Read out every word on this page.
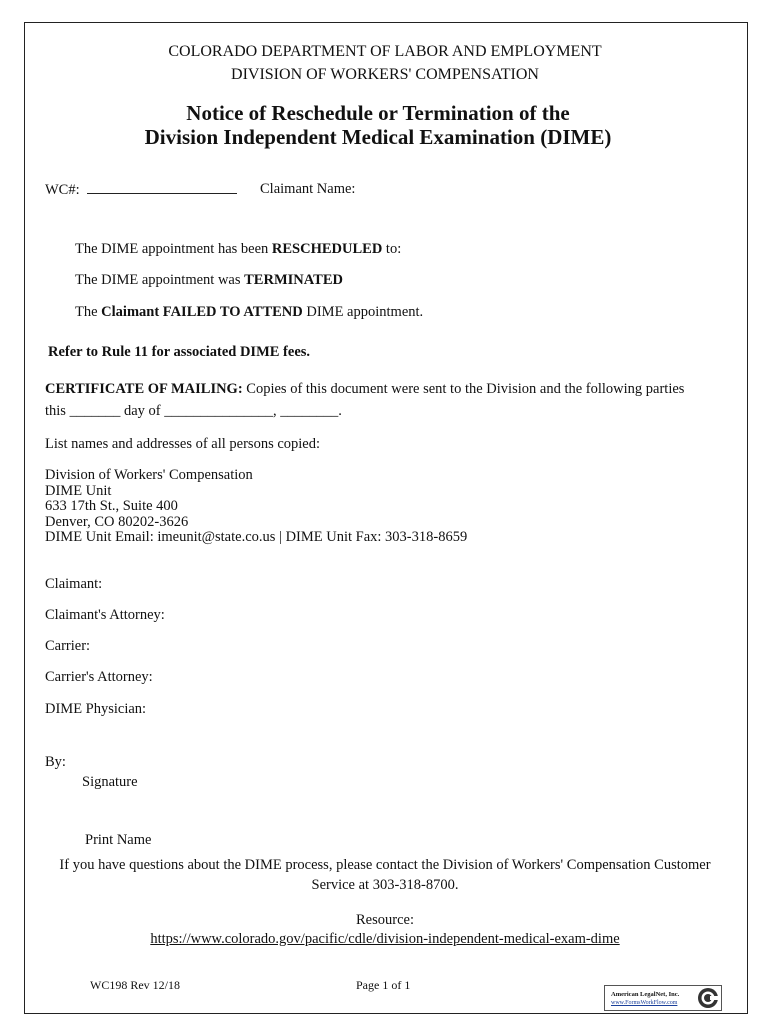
COLORADO DEPARTMENT OF LABOR AND EMPLOYMENT
DIVISION OF WORKERS' COMPENSATION
Notice of Reschedule or Termination of the
Division Independent Medical Examination (DIME)
WC#:	Claimant Name:
The DIME appointment has been RESCHEDULED to:
The DIME appointment was TERMINATED
The Claimant FAILED TO ATTEND DIME appointment.
Refer to Rule 11 for associated DIME fees.
CERTIFICATE OF MAILING: Copies of this document were sent to the Division and the following parties
this _______ day of _______________, ________.
List names and addresses of all persons copied:
Division of Workers' Compensation
DIME Unit
633 17th St., Suite 400
Denver, CO 80202-3626
DIME Unit Email: imeunit@state.co.us | DIME Unit Fax: 303-318-8659
Claimant:
Claimant's Attorney:
Carrier:
Carrier's Attorney:
DIME Physician:
By:
Signature
Print Name
If you have questions about the DIME process, please contact the Division of Workers' Compensation Customer
Service at 303-318-8700.
Resource:
https://www.colorado.gov/pacific/cdle/division-independent-medical-exam-dime
WC198 Rev 12/18	Page 1 of 1
American LegalNet, Inc.
www.FormsWorkFlow.com
